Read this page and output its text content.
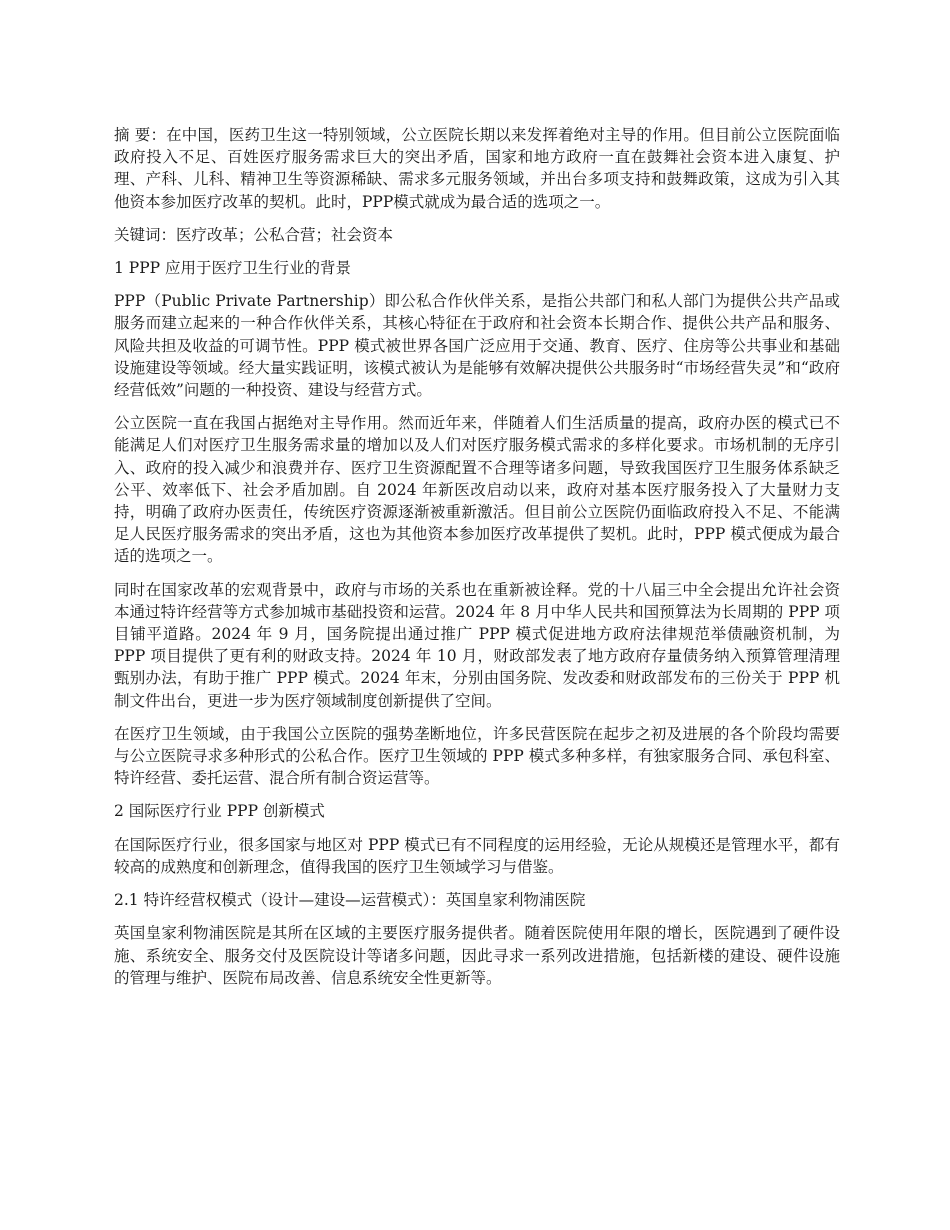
摘 要：在中国，医药卫生这一特别领域，公立医院长期以来发挥着绝对主导的作用。但目前公立医院面临政府投入不足、百姓医疗服务需求巨大的突出矛盾，国家和地方政府一直在鼓舞社会资本进入康复、护理、产科、儿科、精神卫生等资源稀缺、需求多元服务领域，并出台多项支持和鼓舞政策，这成为引入其他资本参加医疗改革的契机。此时，PPP模式就成为最合适的选项之一。

关键词：医疗改革；公私合营；社会资本

1 PPP 应用于医疗卫生行业的背景

PPP（Public Private Partnership）即公私合作伙伴关系，是指公共部门和私人部门为提供公共产品或服务而建立起来的一种合作伙伴关系，其核心特征在于政府和社会资本长期合作、提供公共产品和服务、风险共担及收益的可调节性。PPP 模式被世界各国广泛应用于交通、教育、医疗、住房等公共事业和基础设施建设等领域。经大量实践证明，该模式被认为是能够有效解决提供公共服务时“市场经营失灵”和“政府经营低效”问题的一种投资、建设与经营方式。

公立医院一直在我国占据绝对主导作用。然而近年来，伴随着人们生活质量的提高，政府办医的模式已不能满足人们对医疗卫生服务需求量的增加以及人们对医疗服务模式需求的多样化要求。市场机制的无序引入、政府的投入减少和浪费并存、医疗卫生资源配置不合理等诸多问题，导致我国医疗卫生服务体系缺乏公平、效率低下、社会矛盾加剧。自 2024 年新医改启动以来，政府对基本医疗服务投入了大量财力支持，明确了政府办医责任，传统医疗资源逐渐被重新激活。但目前公立医院仍面临政府投入不足、不能满足人民医疗服务需求的突出矛盾，这也为其他资本参加医疗改革提供了契机。此时，PPP 模式便成为最合适的选项之一。

同时在国家改革的宏观背景中，政府与市场的关系也在重新被诠释。党的十八届三中全会提出允许社会资本通过特许经营等方式参加城市基础投资和运营。2024 年 8 月中华人民共和国预算法为长周期的 PPP 项目铺平道路。2024 年 9 月，国务院提出通过推广 PPP 模式促进地方政府法律规范举债融资机制，为 PPP 项目提供了更有利的财政支持。2024 年 10 月，财政部发表了地方政府存量债务纳入预算管理清理甄别办法，有助于推广 PPP 模式。2024 年末，分别由国务院、发改委和财政部发布的三份关于 PPP 机制文件出台，更进一步为医疗领域制度创新提供了空间。

在医疗卫生领域，由于我国公立医院的强势垄断地位，许多民营医院在起步之初及进展的各个阶段均需要与公立医院寻求多种形式的公私合作。医疗卫生领域的 PPP 模式多种多样，有独家服务合同、承包科室、特许经营、委托运营、混合所有制合资运营等。

2 国际医疗行业 PPP 创新模式

在国际医疗行业，很多国家与地区对 PPP 模式已有不同程度的运用经验，无论从规模还是管理水平，都有较高的成熟度和创新理念，值得我国的医疗卫生领域学习与借鉴。

2.1 特许经营权模式（设计—建设—运营模式）：英国皇家利物浦医院

英国皇家利物浦医院是其所在区域的主要医疗服务提供者。随着医院使用年限的增长，医院遇到了硬件设施、系统安全、服务交付及医院设计等诸多问题，因此寻求一系列改进措施，包括新楼的建设、硬件设施的管理与维护、医院布局改善、信息系统安全性更新等。
